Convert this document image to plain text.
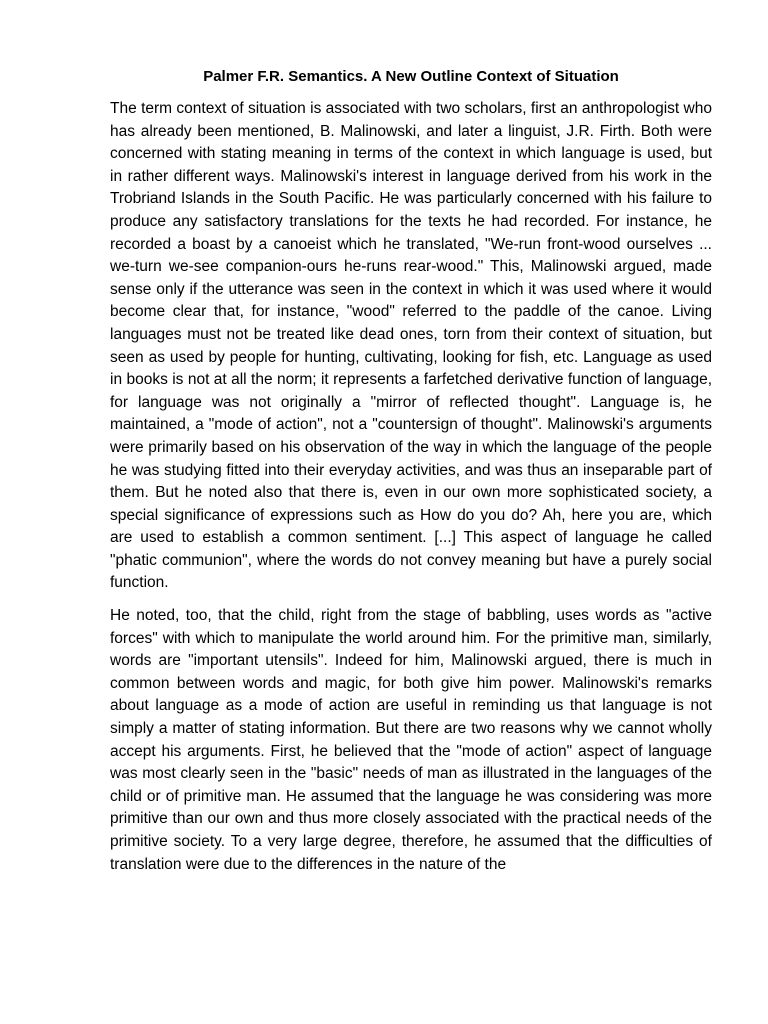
Palmer F.R. Semantics. A New Outline Context of Situation

The term context of situation is associated with two scholars, first an anthropologist who has already been mentioned, B. Malinowski, and later a linguist, J.R. Firth. Both were concerned with stating meaning in terms of the context in which language is used, but in rather different ways. Malinowski's interest in language derived from his work in the Trobriand Islands in the South Pacific. He was particularly concerned with his failure to produce any satisfactory translations for the texts he had recorded. For instance, he recorded a boast by a canoeist which he translated, "We-run front-wood ourselves ... we-turn we-see companion-ours he-runs rear-wood." This, Malinowski argued, made sense only if the utterance was seen in the context in which it was used where it would become clear that, for instance, "wood" referred to the paddle of the canoe. Living languages must not be treated like dead ones, torn from their context of situation, but seen as used by people for hunting, cultivating, looking for fish, etc. Language as used in books is not at all the norm; it represents a farfetched derivative function of language, for language was not originally a "mirror of reflected thought". Language is, he maintained, a "mode of action", not a "countersign of thought". Malinowski's arguments were primarily based on his observation of the way in which the language of the people he was studying fitted into their everyday activities, and was thus an inseparable part of them. But he noted also that there is, even in our own more sophisticated society, a special significance of expressions such as How do you do? Ah, here you are, which are used to establish a common sentiment. [...] This aspect of language he called "phatic communion", where the words do not convey meaning but have a purely social function.

He noted, too, that the child, right from the stage of babbling, uses words as "active forces" with which to manipulate the world around him. For the primitive man, similarly, words are "important utensils". Indeed for him, Malinowski argued, there is much in common between words and magic, for both give him power. Malinowski's remarks about language as a mode of action are useful in reminding us that language is not simply a matter of stating information. But there are two reasons why we cannot wholly accept his arguments. First, he believed that the "mode of action" aspect of language was most clearly seen in the "basic" needs of man as illustrated in the languages of the child or of primitive man. He assumed that the language he was considering was more primitive than our own and thus more closely associated with the practical needs of the primitive society. To a very large degree, therefore, he assumed that the difficulties of translation were due to the differences in the nature of the
